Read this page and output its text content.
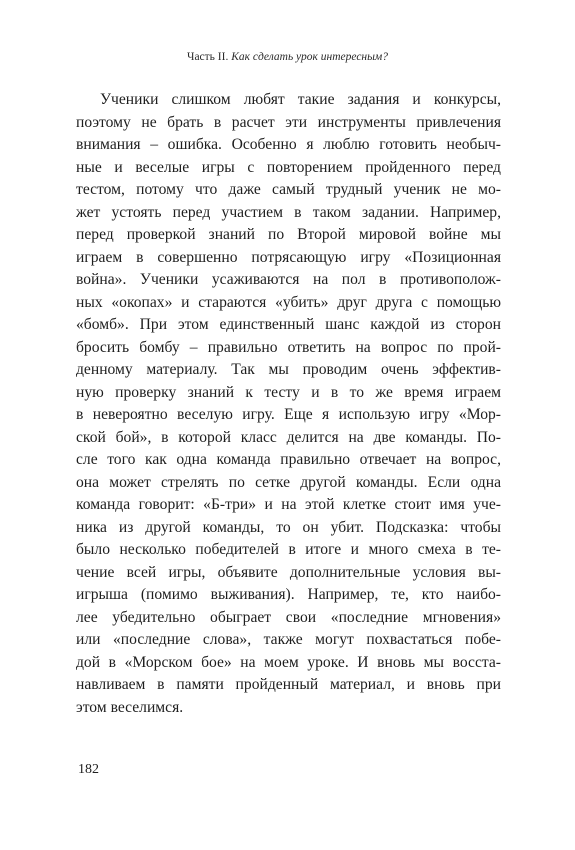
Часть II. Как сделать урок интересным?
Ученики слишком любят такие задания и конкурсы,
поэтому не брать в расчет эти инструменты привлечения
внимания – ошибка. Особенно я люблю готовить необыч-
ные и веселые игры с повторением пройденного перед
тестом, потому что даже самый трудный ученик не мо-
жет устоять перед участием в таком задании. Например,
перед проверкой знаний по Второй мировой войне мы
играем в совершенно потрясающую игру «Позиционная
война». Ученики усаживаются на пол в противополож-
ных «окопах» и стараются «убить» друг друга с помощью
«бомб». При этом единственный шанс каждой из сторон
бросить бомбу – правильно ответить на вопрос по прой-
денному материалу. Так мы проводим очень эффектив-
ную проверку знаний к тесту и в то же время играем
в невероятно веселую игру. Еще я использую игру «Мор-
ской бой», в которой класс делится на две команды. По-
сле того как одна команда правильно отвечает на вопрос,
она может стрелять по сетке другой команды. Если одна
команда говорит: «Б-три» и на этой клетке стоит имя уче-
ника из другой команды, то он убит. Подсказка: чтобы
было несколько победителей в итоге и много смеха в те-
чение всей игры, объявите дополнительные условия вы-
игрыша (помимо выживания). Например, те, кто наибо-
лее убедительно обыграет свои «последние мгновения»
или «последние слова», также могут похвастаться побе-
дой в «Морском бое» на моем уроке. И вновь мы восста-
навливаем в памяти пройденный материал, и вновь при
этом веселимся.
182
